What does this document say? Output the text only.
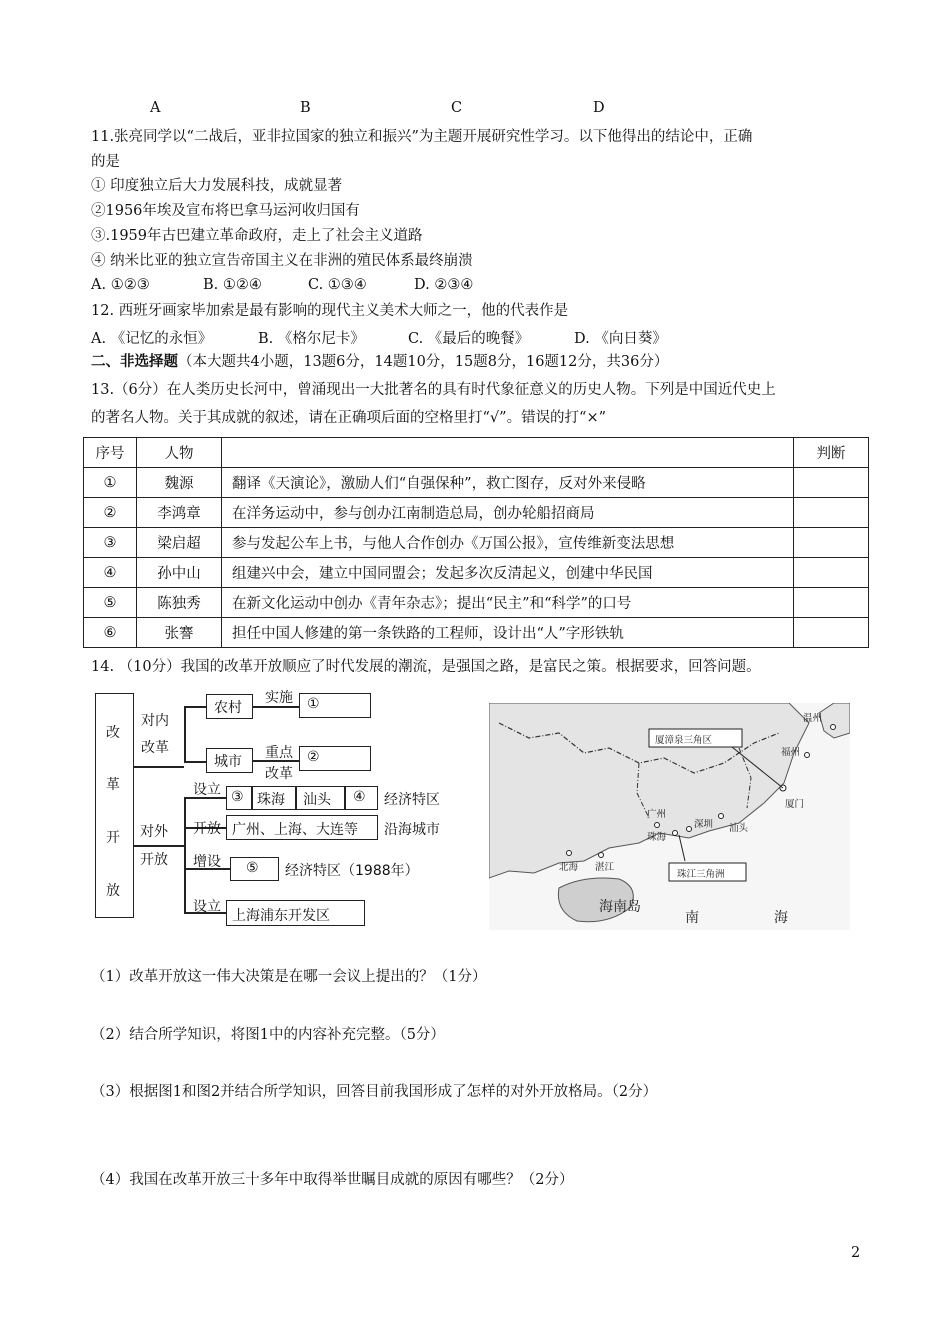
A	B	C	D
11.张亮同学以“二战后，亚非拉国家的独立和振兴”为主题开展研究性学习。以下他得出的结论中，正确
的是
① 印度独立后大力发展科技，成就显著
②1956年埃及宣布将巴拿马运河收归国有
③.1959年古巴建立革命政府，走上了社会主义道路
④ 纳米比亚的独立宣告帝国主义在非洲的殖民体系最终崩溃
A. ①②③	B. ①②④	C. ①③④	D. ②③④
12. 西班牙画家毕加索是最有影响的现代主义美术大师之一，他的代表作是
A. 《记忆的永恒》	B. 《格尔尼卡》	C. 《最后的晚餐》	D. 《向日葵》
二、非选择题（本大题共4小题，13题6分，14题10分，15题8分，16题12分，共36分）
13.（6分）在人类历史长河中，曾涌现出一大批著名的具有时代象征意义的历史人物。下列是中国近代史上
的著名人物。关于其成就的叙述，请在正确项后面的空格里打“√”。错误的打“×”
序号	人物		判断
①	魏源	翻译《天演论》，激励人们“自强保种”，救亡图存，反对外来侵略	
②	李鸿章	在洋务运动中，参与创办江南制造总局，创办轮船招商局	
③	梁启超	参与发起公车上书，与他人合作创办《万国公报》，宣传维新变法思想	
④	孙中山	组建兴中会，建立中国同盟会；发起多次反清起义，创建中华民国	
⑤	陈独秀	在新文化运动中创办《青年杂志》；提出“民主”和“科学”的口号	
⑥	张謇	担任中国人修建的第一条铁路的工程师，设计出“人”字形铁轨	
14. （10分）我国的改革开放顺应了时代发展的潮流，是强国之路，是富民之策。根据要求，回答问题。
改
革
开
放
对内
改革
农村
实施 ①
城市
重点
改革
②
对外
开放
设立 ③ 珠海 汕头 ④ 经济特区
开放 广州、上海、大连等 沿海城市
增设 ⑤ 经济特区（1988年）
设立
上海浦东开发区
温州
厦漳泉三角区
福州
厦门
广州
深圳 汕头
珠海
北海 湛江
珠江三角洲
海南岛
南	海
（1）改革开放这一伟大决策是在哪一会议上提出的？（1分）
（2）结合所学知识，将图1中的内容补充完整。（5分）
（3）根据图1和图2并结合所学知识，回答目前我国形成了怎样的对外开放格局。（2分）
（4）我国在改革开放三十多年中取得举世瞩目成就的原因有哪些？（2分）
2
